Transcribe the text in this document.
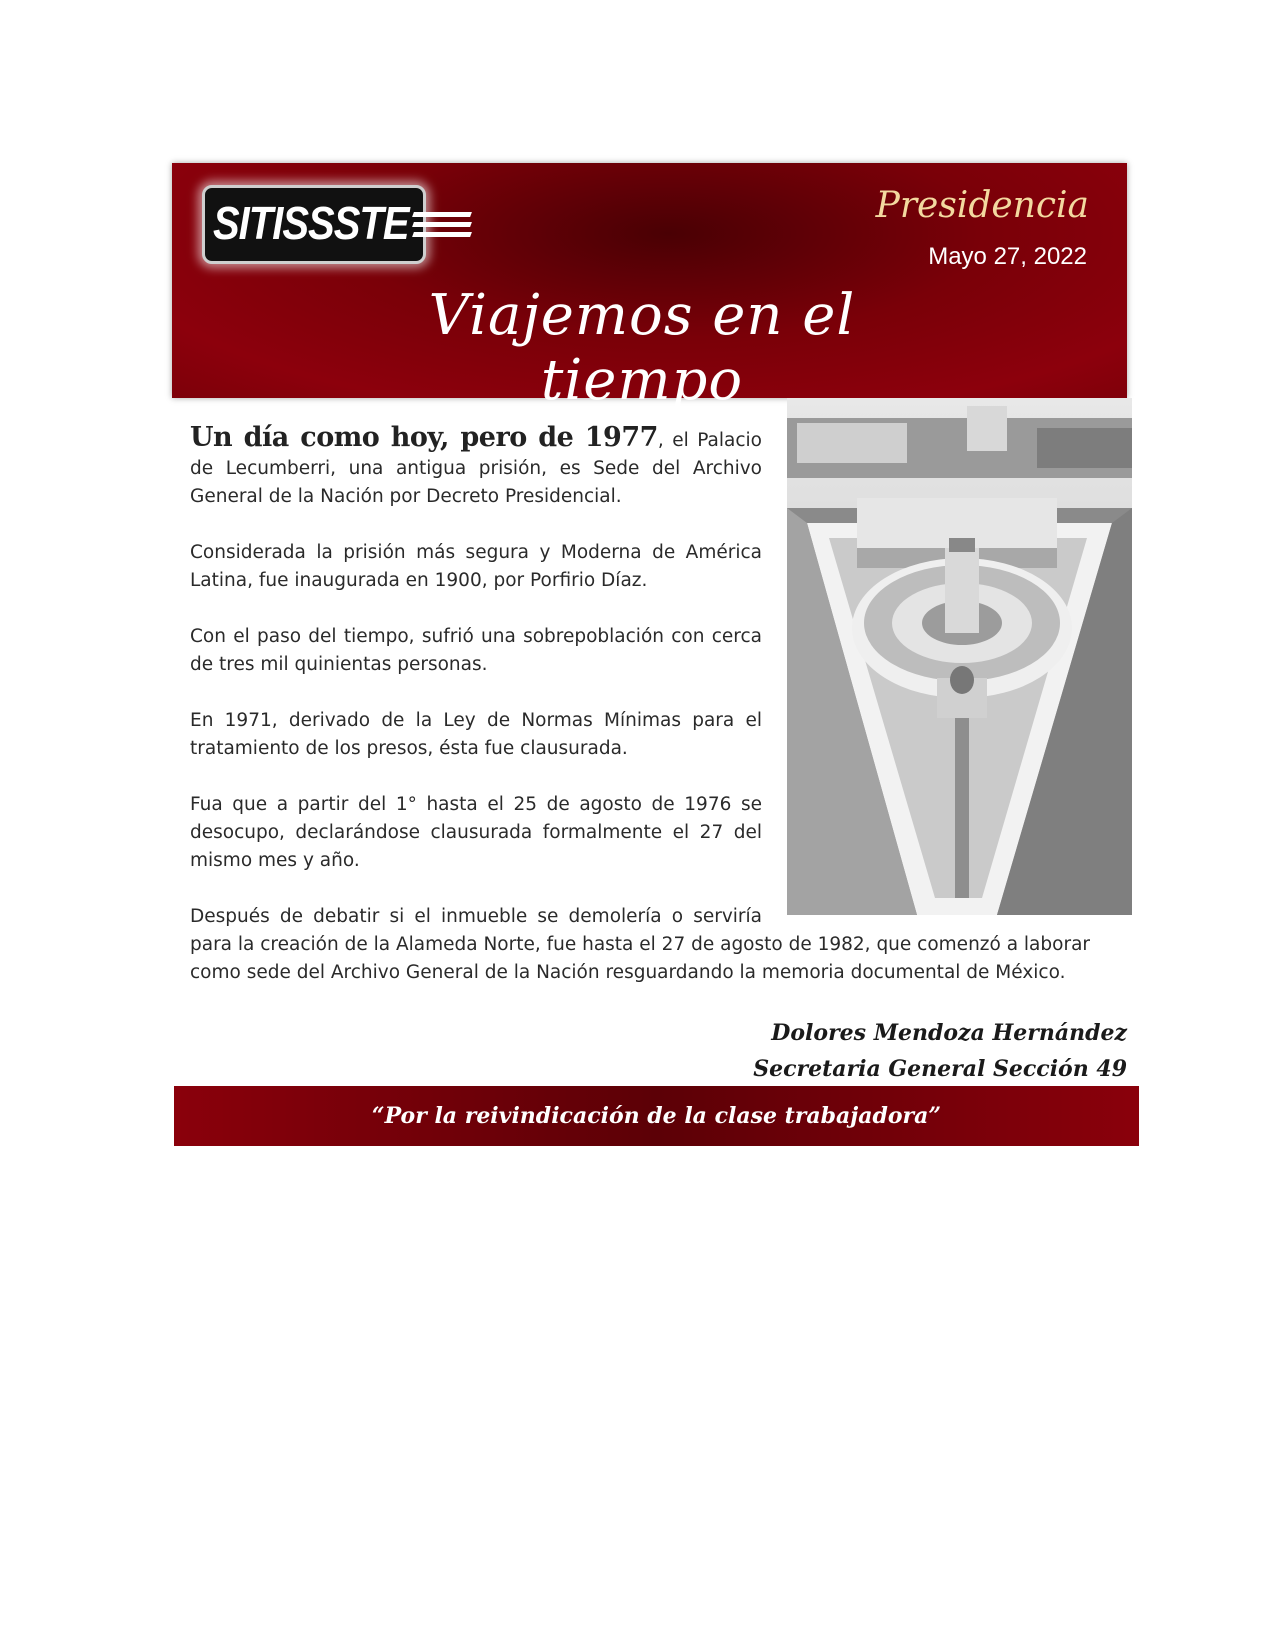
SITISSSTE	Presidencia
Mayo 27, 2022
Viajemos en el tiempo

Un día como hoy, pero de 1977, el Palacio de Lecumberri, una antigua prisión, es Sede del Archivo General de la Nación por Decreto Presidencial.

Considerada la prisión más segura y Moderna de América Latina, fue inaugurada en 1900, por Porfirio Díaz.

Con el paso del tiempo, sufrió una sobrepoblación con cerca de tres mil quinientas personas.

En 1971, derivado de la Ley de Normas Mínimas para el tratamiento de los presos, ésta fue clausurada.

Fua que a partir del 1° hasta el 25 de agosto de 1976 se desocupo, declarándose clausurada formalmente el 27 del mismo mes y año.

Después de debatir si el inmueble se demolería o serviría
para la creación de la Alameda Norte, fue hasta el 27 de agosto de 1982, que comenzó a laborar como sede del Archivo General de la Nación resguardando la memoria documental de México.
Dolores Mendoza Hernández
Secretaria General Sección 49
“Por la reivindicación de la clase trabajadora”
